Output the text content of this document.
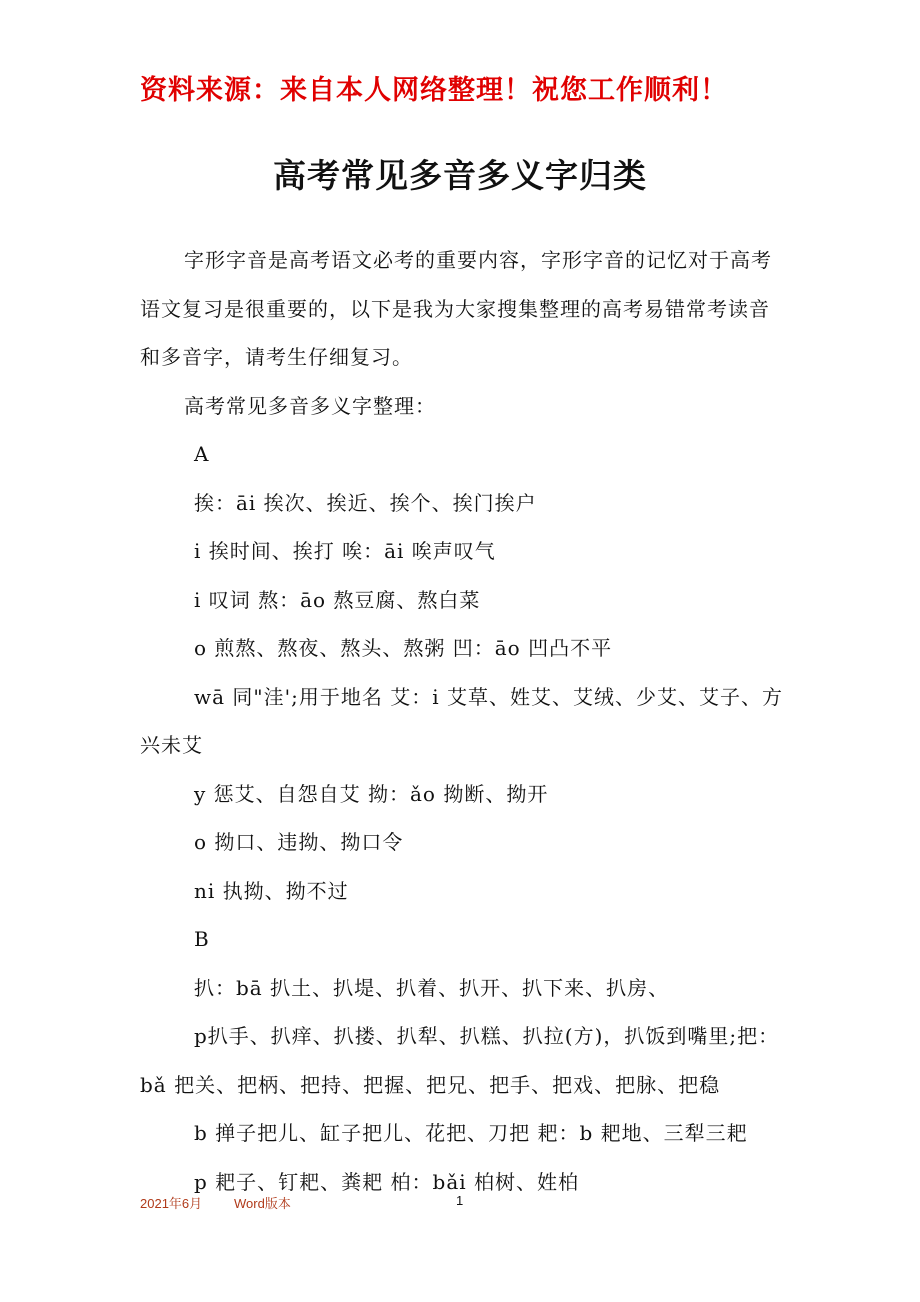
资料来源：来自本人网络整理！祝您工作顺利！
高考常见多音多义字归类

字形字音是高考语文必考的重要内容，字形字音的记忆对于高考语文复习是很重要的，以下是我为大家搜集整理的高考易错常考读音和多音字，请考生仔细复习。

高考常见多音多义字整理：

A

挨：āi 挨次、挨近、挨个、挨门挨户

i 挨时间、挨打 唉：āi 唉声叹气

i 叹词 熬：āo 熬豆腐、熬白菜

o 煎熬、熬夜、熬头、熬粥 凹：āo 凹凸不平

wā 同"洼';用于地名 艾：i 艾草、姓艾、艾绒、少艾、艾子、方兴未艾

y 惩艾、自怨自艾 拗：ǎo 拗断、拗开

o 拗口、违拗、拗口令

ni 执拗、拗不过

B

扒：bā 扒土、扒堤、扒着、扒开、扒下来、扒房、

p扒手、扒痒、扒搂、扒犁、扒糕、扒拉(方)，扒饭到嘴里;把：bǎ 把关、把柄、把持、把握、把兄、把手、把戏、把脉、把稳

b 掸子把儿、缸子把儿、花把、刀把 耙：b 耙地、三犁三耙

p 耙子、钉耙、粪耙 柏：bǎi 柏树、姓柏

2021年6月 Word版本	1
